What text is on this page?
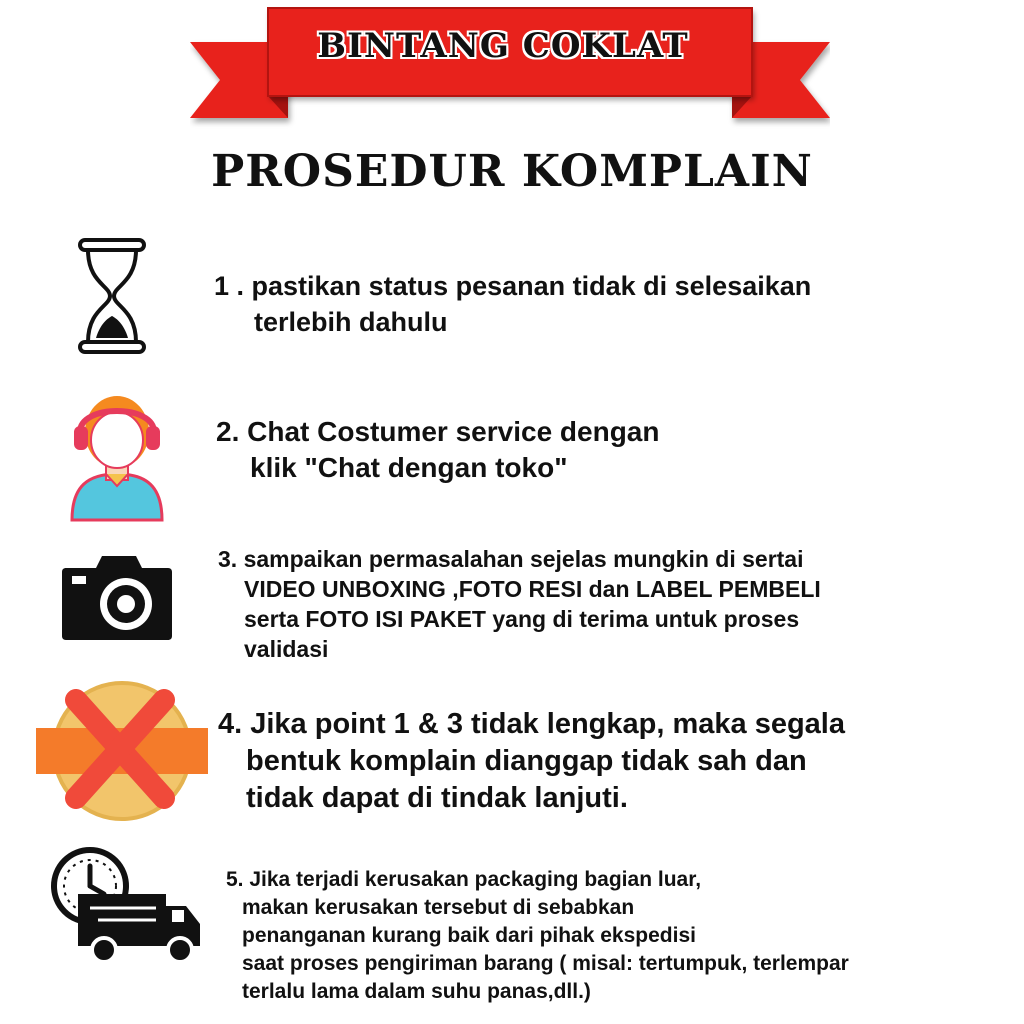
BINTANG COKLAT
PROSEDUR KOMPLAIN

1 . pastikan status pesanan tidak di selesaikan
terlebih dahulu

2. Chat Costumer service dengan
klik "Chat dengan toko"

3. sampaikan permasalahan sejelas mungkin di sertai
VIDEO UNBOXING ,FOTO RESI dan LABEL PEMBELI
serta FOTO ISI PAKET yang di terima untuk proses
validasi

4. Jika point 1 & 3 tidak lengkap, maka segala
bentuk komplain dianggap tidak sah dan
tidak dapat di tindak lanjuti.

5. Jika terjadi kerusakan packaging bagian luar,
makan kerusakan tersebut di sebabkan
penanganan kurang baik dari pihak ekspedisi
saat proses pengiriman barang ( misal: tertumpuk, terlempar
terlalu lama dalam suhu panas,dll.)
